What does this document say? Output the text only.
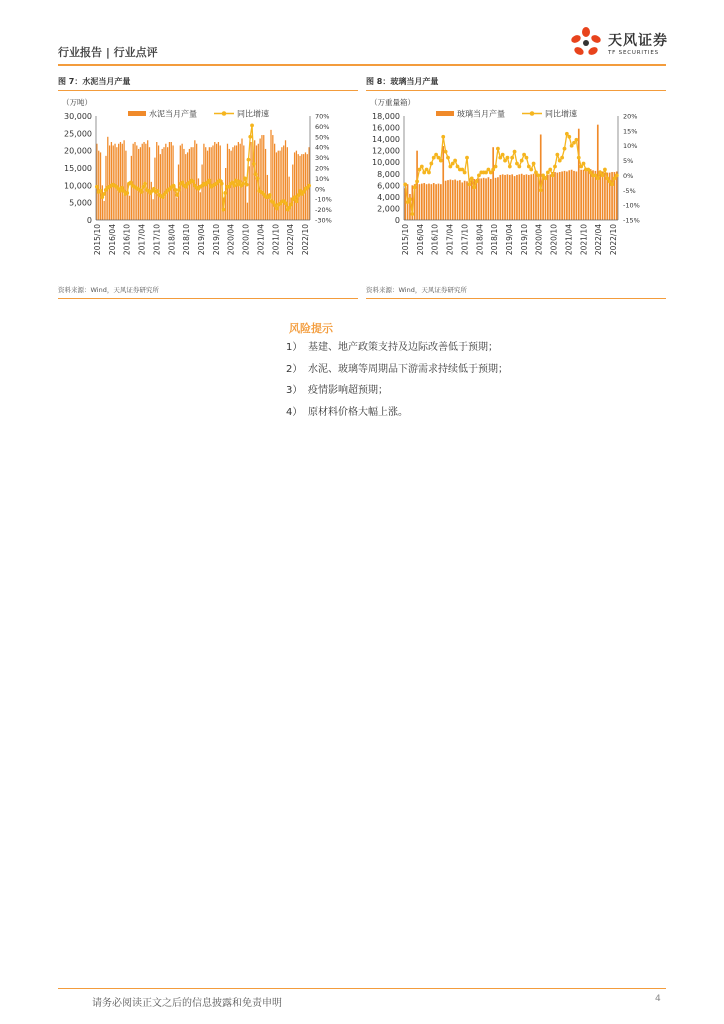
行业报告 | 行业点评
天风证券
TF SECURITIES
图 7：水泥当月产量
（万吨）
0
5,000
10,000
15,000
20,000
25,000
30,000
-30%
-20%
-10%
0%
10%
20%
30%
40%
50%
60%
70%
2015/10 2016/04 2016/10 2017/04 2017/10 2018/04 2018/10 2019/04 2019/10 2020/04 2020/10 2021/04 2021/10 2022/04 2022/10
水泥当月产量	同比增速
资料来源：Wind，天风证券研究所
图 8：玻璃当月产量
（万重量箱）
0
2,000
4,000
6,000
8,000
10,000
12,000
14,000
16,000
18,000
-15%
-10%
-5%
0%
5%
10%
15%
20%
2015/10 2016/04 2016/10 2017/04 2017/10 2018/04 2018/10 2019/04 2019/10 2020/04 2020/10 2021/04 2021/10 2022/04 2022/10
玻璃当月产量	同比增速
资料来源：Wind，天风证券研究所
风险提示
1） 基建、地产政策支持及边际改善低于预期；
2） 水泥、玻璃等周期品下游需求持续低于预期；
3） 疫情影响超预期；
4） 原材料价格大幅上涨。
请务必阅读正文之后的信息披露和免责申明	4
